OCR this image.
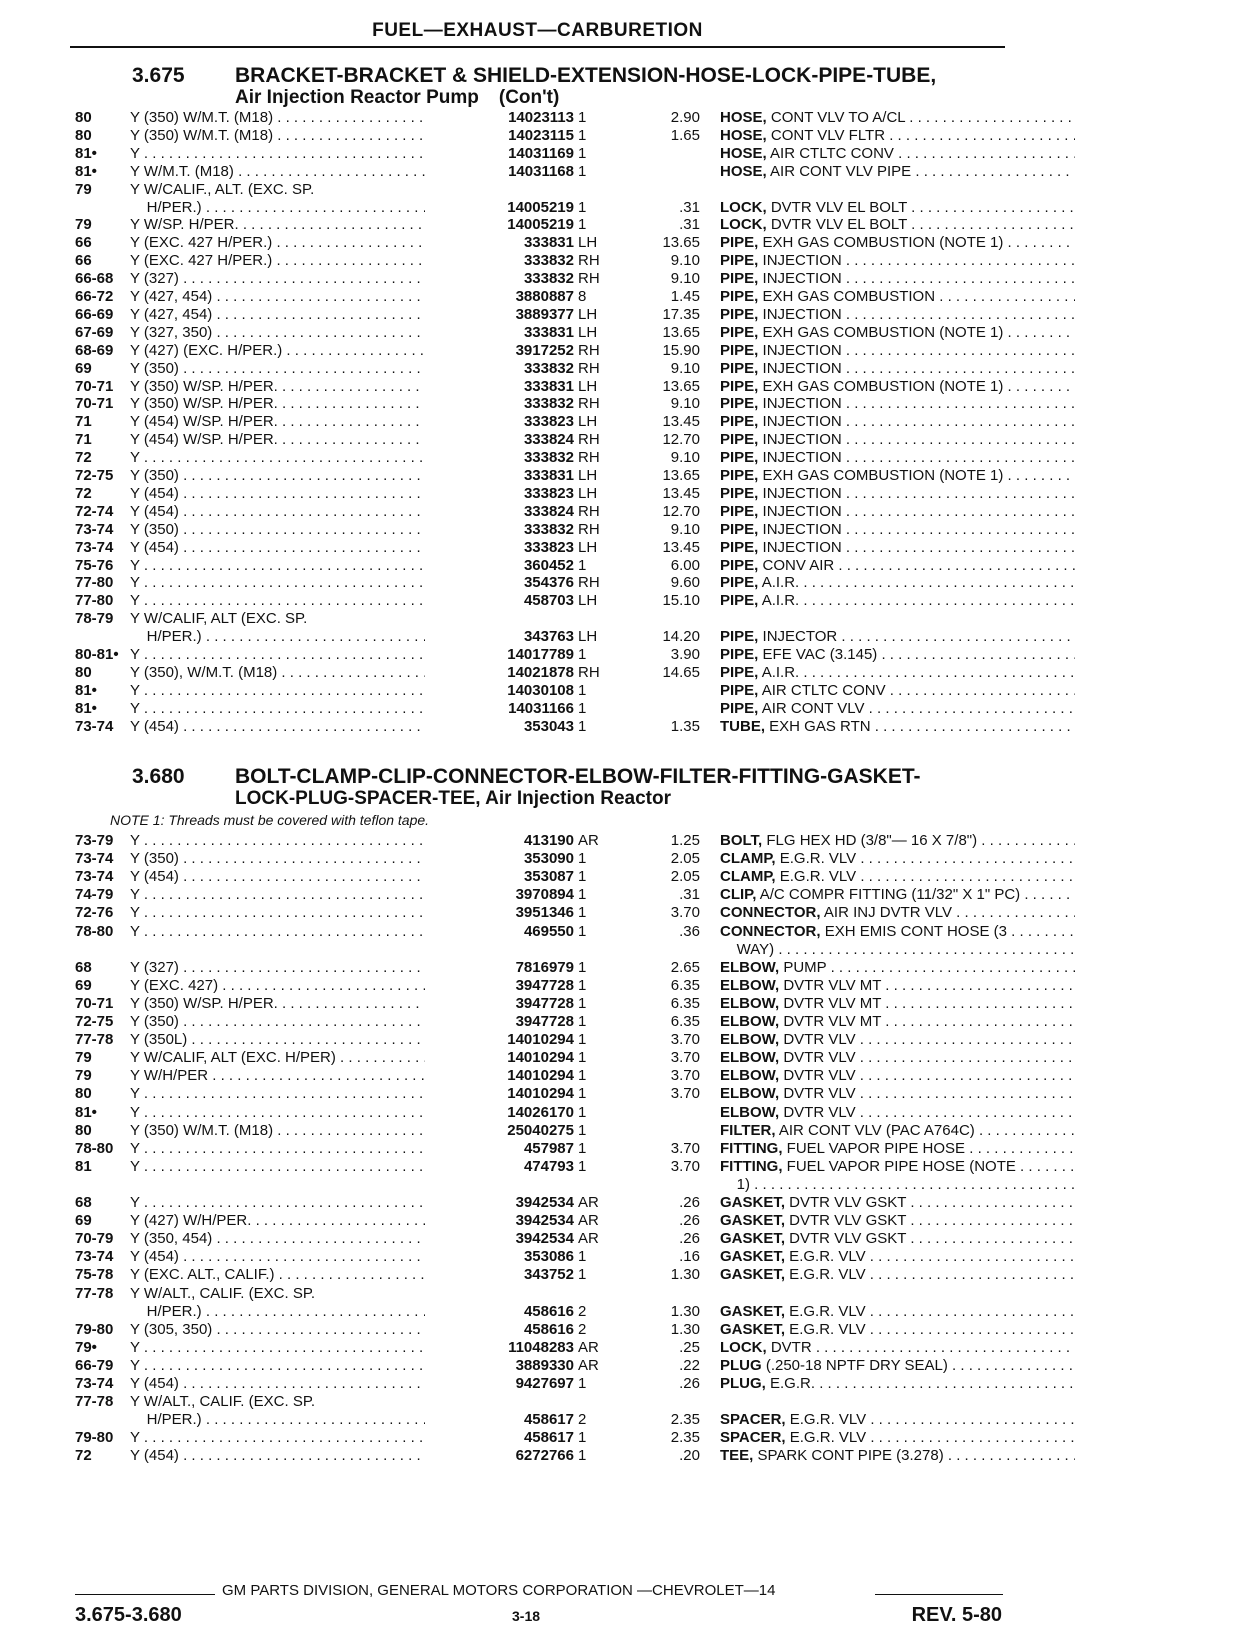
FUEL—EXHAUST—CARBURETION
3.675 BRACKET-BRACKET & SHIELD-EXTENSION-HOSE-LOCK-PIPE-TUBE,
Air Injection Reactor Pump (Con't)
80	Y (350) W/M.T. (M18) . . .	14023113 1	2.90 HOSE, CONT VLV TO A/CL . . .
80	Y (350) W/M.T. (M18) . . .	14023115 1	1.65 HOSE, CONT VLV FLTR . . .
81• Y . . .	14031169 1	HOSE, AIR CTLTC CONV . . .
81• Y W/M.T. (M18) . . .	14031168 1	HOSE, AIR CONT VLV PIPE . . .
79	Y W/CALIF., ALT. (EXC. SP.
H/PER.) . . .	14005219 1	.31 LOCK, DVTR VLV EL BOLT . . .
79	Y W/SP. H/PER. . . .	14005219 1	.31 LOCK, DVTR VLV EL BOLT . . .
66	Y (EXC. 427 H/PER.) . . .	333831 LH	13.65 PIPE, EXH GAS COMBUSTION (NOTE 1) . . .
66	Y (EXC. 427 H/PER.) . . .	333832 RH	9.10 PIPE, INJECTION . . .
66-68 Y (327) . . .	333832 RH	9.10 PIPE, INJECTION . . .
66-72 Y (427, 454) . . .	3880887 8	1.45 PIPE, EXH GAS COMBUSTION . . .
66-69 Y (427, 454) . . .	3889377 LH	17.35 PIPE, INJECTION . . .
67-69 Y (327, 350) . . .	333831 LH	13.65 PIPE, EXH GAS COMBUSTION (NOTE 1) . . .
68-69 Y (427) (EXC. H/PER.) . . .	3917252 RH	15.90 PIPE, INJECTION . . .
69	Y (350) . . .	333832 RH	9.10 PIPE, INJECTION . . .
70-71 Y (350) W/SP. H/PER. . . .	333831 LH	13.65 PIPE, EXH GAS COMBUSTION (NOTE 1) . . .
70-71 Y (350) W/SP. H/PER. . . .	333832 RH	9.10 PIPE, INJECTION . . .
71	Y (454) W/SP. H/PER. . . .	333823 LH	13.45 PIPE, INJECTION . . .
71	Y (454) W/SP. H/PER. . . .	333824 RH	12.70 PIPE, INJECTION . . .
72	Y . . .	333832 RH	9.10 PIPE, INJECTION . . .
72-75 Y (350) . . .	333831 LH	13.65 PIPE, EXH GAS COMBUSTION (NOTE 1) . . .
72	Y (454) . . .	333823 LH	13.45 PIPE, INJECTION . . .
72-74 Y (454) . . .	333824 RH	12.70 PIPE, INJECTION . . .
73-74 Y (350) . . .	333832 RH	9.10 PIPE, INJECTION . . .
73-74 Y (454) . . .	333823 LH	13.45 PIPE, INJECTION . . .
75-76 Y . . .	360452 1	6.00 PIPE, CONV AIR . . .
77-80 Y . . .	354376 RH	9.60 PIPE, A.I.R. . . .
77-80 Y . . .	458703 LH	15.10 PIPE, A.I.R. . . .
78-79 Y W/CALIF, ALT (EXC. SP.
H/PER.) . . .	343763 LH	14.20 PIPE, INJECTOR . . .
80-81• Y . . .	14017789 1	3.90 PIPE, EFE VAC (3.145) . . .
80	Y (350), W/M.T. (M18) . . .	14021878 RH	14.65 PIPE, A.I.R. . . .
81• Y . . .	14030108 1	PIPE, AIR CTLTC CONV . . .
81• Y . . .	14031166 1	PIPE, AIR CONT VLV . . .
73-74 Y (454) . . .	353043 1	1.35 TUBE, EXH GAS RTN . . .
3.680 BOLT-CLAMP-CLIP-CONNECTOR-ELBOW-FILTER-FITTING-GASKET-
LOCK-PLUG-SPACER-TEE, Air Injection Reactor
NOTE 1: Threads must be covered with teflon tape.
73-79 Y . . .	413190 AR	1.25 BOLT, FLG HEX HD (3/8"— 16 X 7/8") . . .
73-74 Y (350) . . .	353090 1	2.05 CLAMP, E.G.R. VLV . . .
73-74 Y (454) . . .	353087 1	2.05 CLAMP, E.G.R. VLV . . .
74-79 Y . . .	3970894 1	.31 CLIP, A/C COMPR FITTING (11/32" X 1" PC) . . .
72-76 Y . . .	3951346 1	3.70 CONNECTOR, AIR INJ DVTR VLV . . .
78-80 Y . . .	469550 1	.36 CONNECTOR, EXH EMIS CONT HOSE (3 . . .
WAY) . . .
68	Y (327) . . .	7816979 1	2.65 ELBOW, PUMP . . .
69	Y (EXC. 427) . . .	3947728 1	6.35 ELBOW, DVTR VLV MT . . .
70-71 Y (350) W/SP. H/PER. . . .	3947728 1	6.35 ELBOW, DVTR VLV MT . . .
72-75 Y (350) . . .	3947728 1	6.35 ELBOW, DVTR VLV MT . . .
77-78 Y (350L) . . .	14010294 1	3.70 ELBOW, DVTR VLV . . .
79	Y W/CALIF, ALT (EXC. H/PER) . . .	14010294 1	3.70 ELBOW, DVTR VLV . . .
79	Y W/H/PER . . .	14010294 1	3.70 ELBOW, DVTR VLV . . .
80	Y . . .	14010294 1	3.70 ELBOW, DVTR VLV . . .
81• Y . . .	14026170 1	ELBOW, DVTR VLV . . .
80	Y (350) W/M.T. (M18) . . .	25040275 1	FILTER, AIR CONT VLV (PAC A764C) . . .
78-80 Y . . .	457987 1	3.70 FITTING, FUEL VAPOR PIPE HOSE . . .
81	Y . . .	474793 1	3.70 FITTING, FUEL VAPOR PIPE HOSE (NOTE . . .
1) . . .
68	Y . . .	3942534 AR	.26 GASKET, DVTR VLV GSKT . . .
69	Y (427) W/H/PER. . . .	3942534 AR	.26 GASKET, DVTR VLV GSKT . . .
70-79 Y (350, 454) . . .	3942534 AR	.26 GASKET, DVTR VLV GSKT . . .
73-74 Y (454) . . .	353086 1	.16 GASKET, E.G.R. VLV . . .
75-78 Y (EXC. ALT., CALIF.) . . .	343752 1	1.30 GASKET, E.G.R. VLV . . .
77-78 Y W/ALT., CALIF. (EXC. SP.
H/PER.) . . .	458616 2	1.30 GASKET, E.G.R. VLV . . .
79-80 Y (305, 350) . . .	458616 2	1.30 GASKET, E.G.R. VLV . . .
79• Y . . .	11048283 AR	.25 LOCK, DVTR . . .
66-79 Y . . .	3889330 AR	.22 PLUG (.250-18 NPTF DRY SEAL) . . .
73-74 Y (454) . . .	9427697 1	.26 PLUG, E.G.R. . . .
77-78 Y W/ALT., CALIF. (EXC. SP.
H/PER.) . . .	458617 2	2.35 SPACER, E.G.R. VLV . . .
79-80 Y . . .	458617 1	2.35 SPACER, E.G.R. VLV . . .
72	Y (454) . . .	6272766 1	.20 TEE, SPARK CONT PIPE (3.278) . . .
GM PARTS DIVISION, GENERAL MOTORS CORPORATION —CHEVROLET—14
3.675-3.680	3-18	REV. 5-80
